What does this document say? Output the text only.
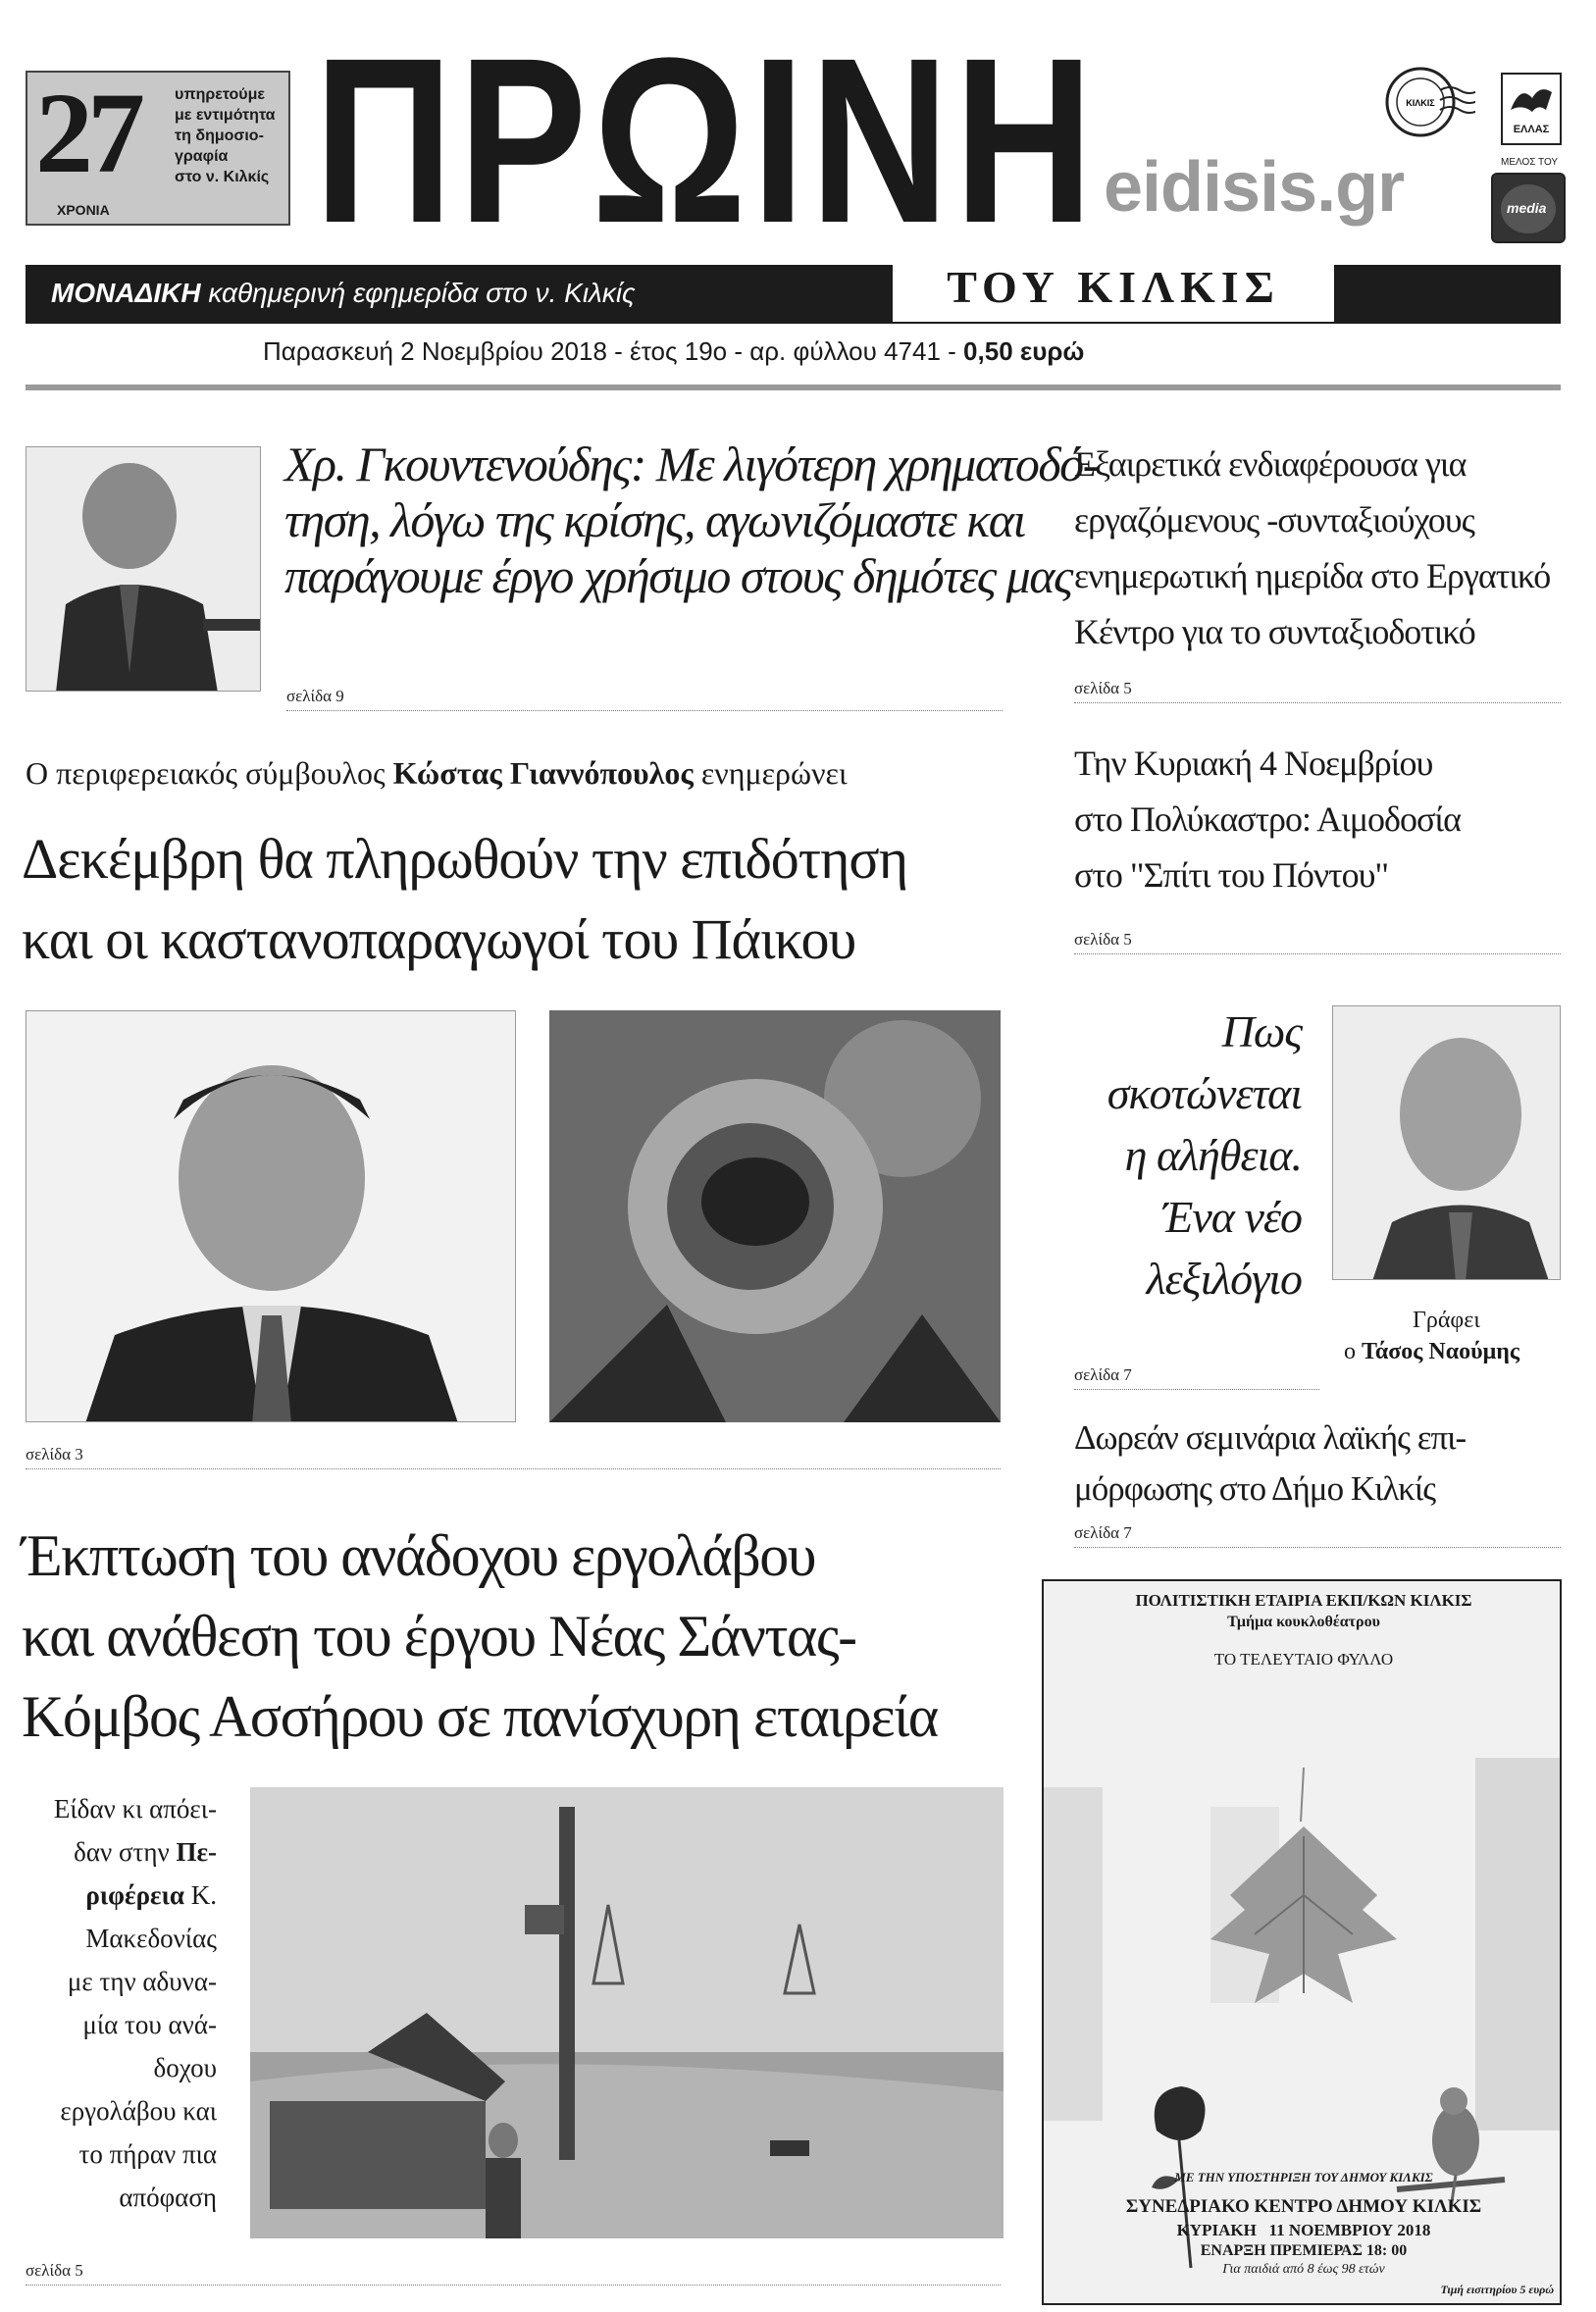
27
ΧΡΟΝΙΑ
υπηρετούμε
με εντιμότητα
τη δημοσιο-
γραφία
στο ν. Κιλκίς ΠΡΩΙΝΗ eidisis.gr
ΚΙΛΚΙΣ
ΕΛΛΑΣ
ΜΕΛΟΣ ΤΟΥ
media
ΜΟΝΑΔΙΚΗ καθημερινή εφημερίδα στο ν. Κιλκίς	ΤΟΥ ΚΙΛΚΙΣ
Παρασκευή 2 Νοεμβρίου 2018 - έτος 19ο - αρ. φύλλου 4741 - 0,50 ευρώ
Χρ. Γκουντενούδης: Με λιγότερη χρηματοδό-
τηση, λόγω της κρίσης, αγωνιζόμαστε και
παράγουμε έργο χρήσιμο στους δημότες μας
σελίδα 9
Ο περιφερειακός σύμβουλος Κώστας Γιαννόπουλος ενημερώνει
Δεκέμβρη θα πληρωθούν την επιδότηση
και οι καστανοπαραγωγοί του Πάικου
σελίδα 3
Έκπτωση του ανάδοχου εργολάβου
και ανάθεση του έργου Νέας Σάντας-
Κόμβος Ασσήρου σε πανίσχυρη εταιρεία
Είδαν κι απόει-
δαν στην Πε-
ριφέρεια Κ.
Μακεδονίας
με την αδυνα-
μία του ανά-
δοχου
εργολάβου και
το πήραν πια
απόφαση
σελίδα 5
Εξαιρετικά ενδιαφέρουσα για
εργαζόμενους -συνταξιούχους
ενημερωτική ημερίδα στο Εργατικό
Κέντρο για το συνταξιοδοτικό
σελίδα 5
Την Κυριακή 4 Νοεμβρίου
στο Πολύκαστρο: Αιμοδοσία
στο "Σπίτι του Πόντου"
σελίδα 5
Πως
σκοτώνεται
η αλήθεια.
Ένα νέο
λεξιλόγιο
Γράφει
ο Τάσος Ναούμης
σελίδα 7
Δωρεάν σεμινάρια λαϊκής επι-
μόρφωσης στο Δήμο Κιλκίς
σελίδα 7
ΠΟΛΙΤΙΣΤΙΚΗ ΕΤΑΙΡΙΑ ΕΚΠ/ΚΩΝ ΚΙΛΚΙΣ
Τμήμα κουκλοθέατρου
ΤΟ ΤΕΛΕΥΤΑΙΟ ΦΥΛΛΟ
ΜΕ ΤΗΝ ΥΠΟΣΤΗΡΙΞΗ ΤΟΥ ΔΗΜΟΥ ΚΙΛΚΙΣ
ΣΥΝΕΔΡΙΑΚΟ ΚΕΝΤΡΟ ΔΗΜΟΥ ΚΙΛΚΙΣ
ΚΥΡΙΑΚΗ   11 ΝΟΕΜΒΡΙΟΥ 2018
ΕΝΑΡΞΗ ΠΡΕΜΙΕΡΑΣ 18: 00
Για παιδιά από 8 έως 98 ετών
Τιμή εισιτηρίου 5 ευρώ
